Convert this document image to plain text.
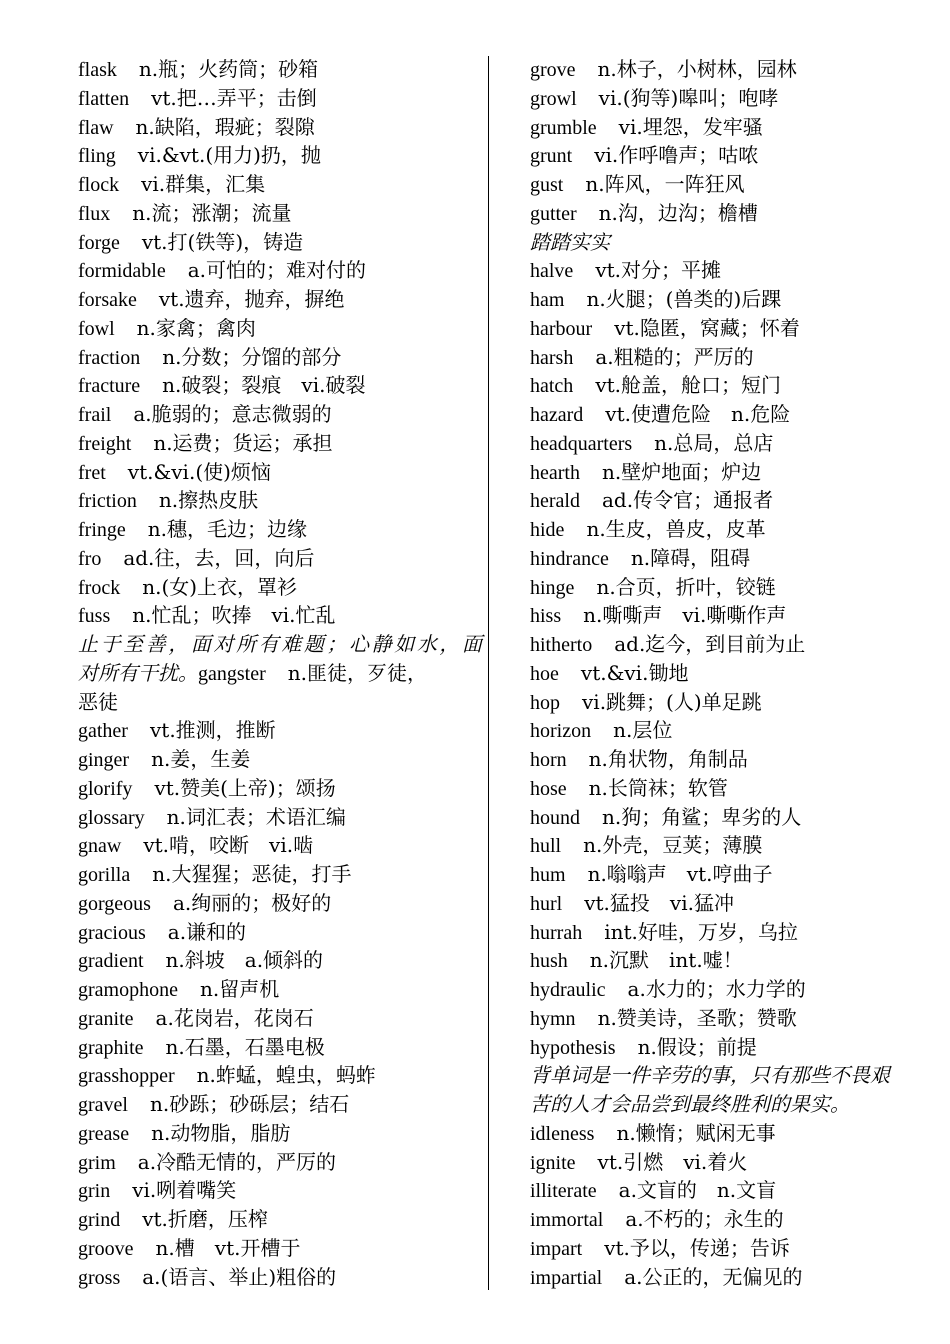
flask n.瓶；火药筒；砂箱
flatten vt.把…弄平；击倒
flaw n.缺陷，瑕疵；裂隙
fling vi.&vt.(用力)扔，抛
flock vi.群集，汇集
flux n.流；涨潮；流量
forge vt.打(铁等)，铸造
formidable a.可怕的；难对付的
forsake vt.遗弃，抛弃，摒绝
fowl n.家禽；禽肉
fraction n.分数；分馏的部分
fracture n.破裂；裂痕　vi.破裂
frail a.脆弱的；意志微弱的
freight n.运费；货运；承担
fret vt.&vi.(使)烦恼
friction n.擦热皮肤
fringe n.穗，毛边；边缘
fro ad.往，去，回，向后
frock n.(女)上衣，罩衫
fuss n.忙乱；吹捧　vi.忙乱
止于至善，面对所有难题；心静如水，面
对所有干扰。gangster n.匪徒，歹徒，
恶徒
gather vt.推测，推断
ginger n.姜，生姜
glorify vt.赞美(上帝)；颂扬
glossary n.词汇表；术语汇编
gnaw vt.啃，咬断　vi.啮
gorilla n.大猩猩；恶徒，打手
gorgeous a.绚丽的；极好的
gracious a.谦和的
gradient n.斜坡　a.倾斜的
gramophone n.留声机
granite a.花岗岩，花岗石
graphite n.石墨，石墨电极
grasshopper n.蚱蜢，蝗虫，蚂蚱
gravel n.砂跞；砂砾层；结石
grease n.动物脂，脂肪
grim a.冷酷无情的，严厉的
grin vi.咧着嘴笑
grind vt.折磨，压榨
groove n.槽　vt.开槽于
gross a.(语言、举止)粗俗的
grove n.林子，小树林，园林
growl vi.(狗等)嗥叫；咆哮
grumble vi.埋怨，发牢骚
grunt vi.作呼噜声；咕哝
gust n.阵风，一阵狂风
gutter n.沟，边沟；檐槽
踏踏实实
halve vt.对分；平摊
ham n.火腿；(兽类的)后踝
harbour vt.隐匿，窝藏；怀着
harsh a.粗糙的；严厉的
hatch vt.舱盖，舱口；短门
hazard vt.使遭危险　n.危险
headquarters n.总局，总店
hearth n.壁炉地面；炉边
herald ad.传令官；通报者
hide n.生皮，兽皮，皮革
hindrance n.障碍，阻碍
hinge n.合页，折叶，铰链
hiss n.嘶嘶声　vi.嘶嘶作声
hitherto ad.迄今，到目前为止
hoe vt.&vi.锄地
hop vi.跳舞；(人)单足跳
horizon n.层位
horn n.角状物，角制品
hose n.长筒袜；软管
hound n.狗；角鲨；卑劣的人
hull n.外壳，豆荚；薄膜
hum n.嗡嗡声　vt.哼曲子
hurl vt.猛投　vi.猛冲
hurrah int.好哇，万岁，乌拉
hush n.沉默　int.嘘！
hydraulic a.水力的；水力学的
hymn n.赞美诗，圣歌；赞歌
hypothesis n.假设；前提
背单词是一件辛劳的事，只有那些不畏艰
苦的人才会品尝到最终胜利的果实。
idleness n.懒惰；赋闲无事
ignite vt.引燃　vi.着火
illiterate a.文盲的　n.文盲
immortal a.不朽的；永生的
impart vt.予以，传递；告诉
impartial a.公正的，无偏见的
